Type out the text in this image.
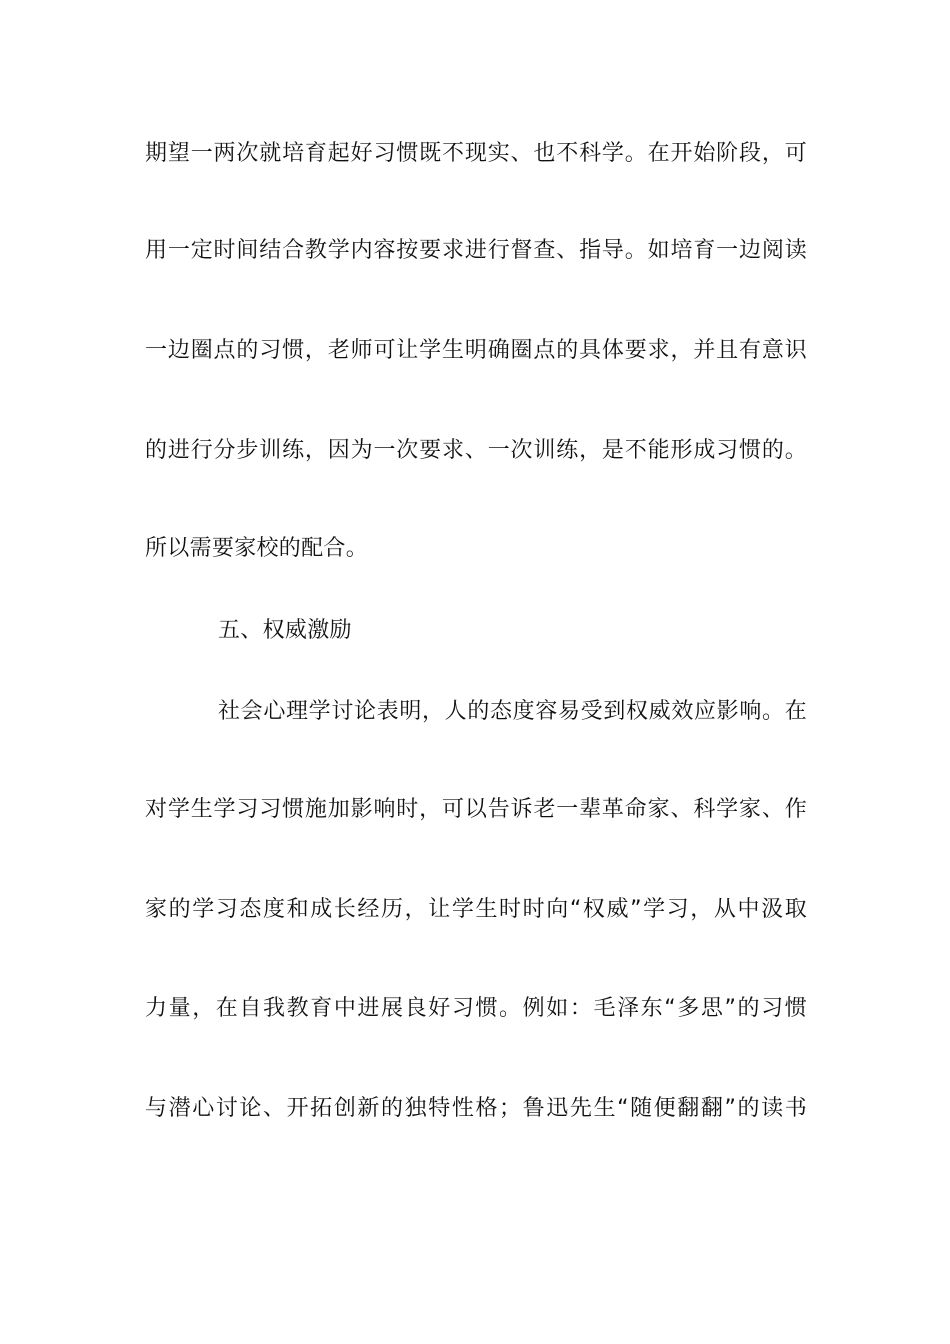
期望一两次就培育起好习惯既不现实、也不科学。在开始阶段，可
用一定时间结合教学内容按要求进行督查、指导。如培育一边阅读
一边圈点的习惯，老师可让学生明确圈点的具体要求，并且有意识
的进行分步训练，因为一次要求、一次训练，是不能形成习惯的。
所以需要家校的配合。
五、权威激励
社会心理学讨论表明，人的态度容易受到权威效应影响。在
对学生学习习惯施加影响时，可以告诉老一辈革命家、科学家、作
家的学习态度和成长经历，让学生时时向“权威”学习，从中汲取
力量，在自我教育中进展良好习惯。例如：毛泽东“多思”的习惯
与潜心讨论、开拓创新的独特性格；鲁迅先生“随便翻翻”的读书
